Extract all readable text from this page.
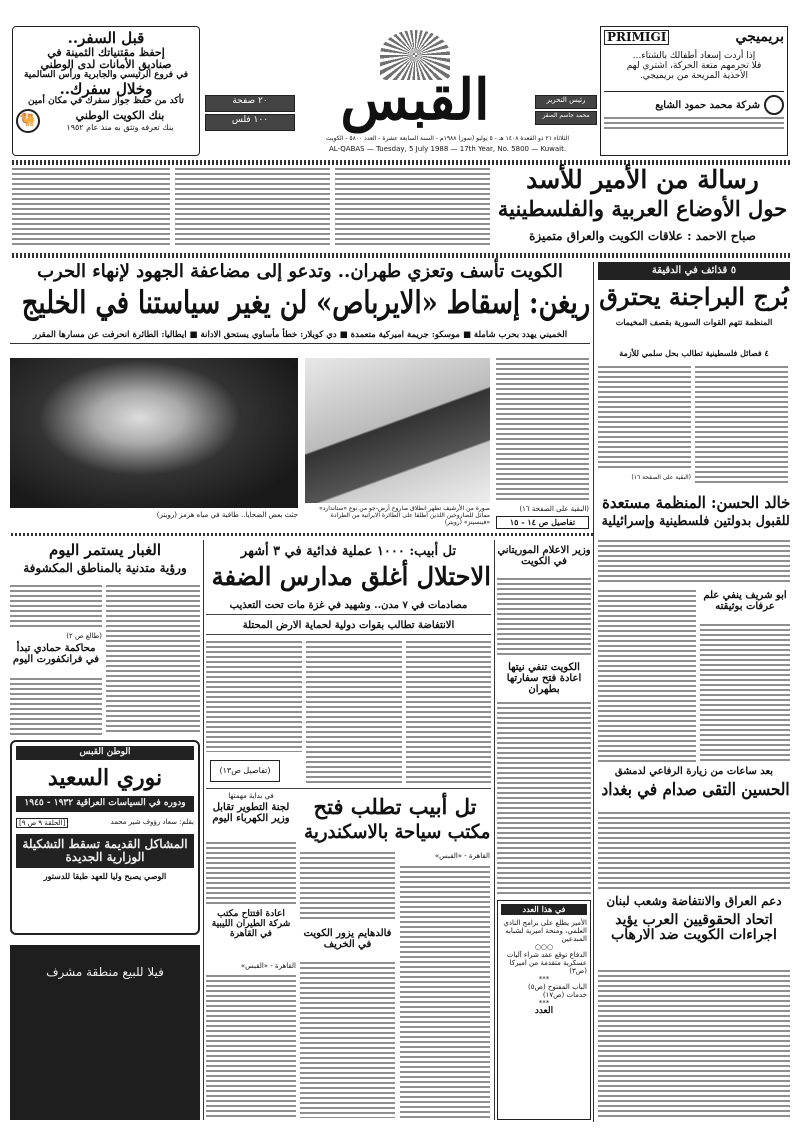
قبل السفر..
إحفظ مقتنياتك الثمينة في
صناديق الأمانات لدى الوطني
في فروع الرئيسي والجابرية ورأس السالمية
وخلال سفرك..
تأكد من حفظ جواز سفرك في مكان أمين
بنك الكويت الوطني
بنك تعرفه وتثق به منذ عام ١٩٥٢
🐫
٢٠ صفحة
١٠٠ فلس	القبس	رئيس التحرير
محمد جاسم الصقر
الثلاثاء ٢١ ذو القعدة ١٤٠٨ هـ - ٥ يوليو (تموز) ١٩٨٨م - السنة السابعة عشرة - العدد ٥٨٠٠ - الكويت
AL-QABAS — Tuesday, 5 July 1988 — 17th Year, No. 5800 — Kuwait.
بريميجي
PRIMIGI
إذا أردت إسعاد أطفالك بالشتاء...
فلا تحرمهم متعة الحركة، اشتري لهم
الأحذية المريحة من بريميجي.
شركة محمد حمود الشايع
رسالة من الأمير للأسد
حول الأوضاع العربية والفلسطينية
صباح الاحمد : علاقات الكويت والعراق متميزة
الكويت تأسف وتعزي طهران.. وتدعو إلى مضاعفة الجهود لإنهاء الحرب
ريغن: إسقاط «الايرباص» لن يغير سياستنا في الخليج
الخميني يهدد بحرب شاملة ■ موسكو: جريمة اميركية متعمدة ■ دي كويلار: خطأ مأساوي يستحق الادانة ■ ايطاليا: الطائرة انحرفت عن مسارها المقرر
جثث بعض الضحايا.. طافية في مياه هرمز (رويتر)
صورة من الأرشيف تظهر انطلاق صاروخ أرض-جو من نوع «ستاندارد» مماثل للصاروخين اللذين أطلقا على الطائرة الايرانية من الطرادة «فينسينز» (رويتر)
(البقية على الصفحة ١٦)
تفاصيل ص ١٤ - ١٥
٥ قذائف في الدقيقة
بُرج البراجنة يحترق
المنظمة تتهم القوات السورية بقصف المخيمات
٤ فصائل فلسطينية تطالب بحل سلمي للأزمة
(البقية على الصفحة ١٦)
خالد الحسن: المنظمة مستعدة
للقبول بدولتين فلسطينية وإسرائيلية
ابو شريف ينفي علم عرفات بوثيقته
بعد ساعات من زيارة الرفاعي لدمشق
الحسين التقى صدام في بغداد
دعم العراق والانتفاضة وشعب لبنان
اتحاد الحقوقيين العرب يؤيد اجراءات الكويت ضد الارهاب
الغبار يستمر اليوم
ورؤية متدنية بالمناطق المكشوفة
(طالع ص ٢)
محاكمة حمادي تبدأ في فرانكفورت اليوم
الوطن القبس
نوري السعيد
ودوره في السياسات العراقية ١٩٣٢ - ١٩٤٥
بقلم: سعاد رؤوف شير محمد
[الحلقة ٩ ص ٩]
المشاكل القديمة تسقط التشكيلة الوزارية الجديدة
الوصي يصبح وليا للعهد طبقا للدستور
فيلا للبيع منطقة مشرف
تل أبيب: ١٠٠٠ عملية فدائية في ٣ أشهر
الاحتلال أغلق مدارس الضفة
مصادمات في ٧ مدن.. وشهيد في غزة مات تحت التعذيب
الانتفاضة تطالب بقوات دولية لحماية الارض المحتلة
(تفاصيل ص١٣)
في بداية مهمتها
لجنة التطوير تقابل وزير الكهرباء اليوم
اعادة افتتاح مكتب شركة الطيران الليبية في القاهرة
القاهرة - «القبس»
تل أبيب تطلب فتح
مكتب سياحة بالاسكندرية
القاهرة - «القبس»
فالدهايم يزور الكويت في الخريف
وزير الاعلام الموريتاني في الكويت
الكويت تنفي نيتها اعادة فتح سفارتها بطهران
في هذا العدد
الأمير يطلع على برامج النادي العلمي، ومنحة اميرية لشبابه المبدعين
○○○
الدفاع توقع عقد شراء آليات عسكرية متقدمة من اميركا (ص٣)
***
الباب المفتوح (ص٥)
خدمات (ص١٧)
***
العدد
